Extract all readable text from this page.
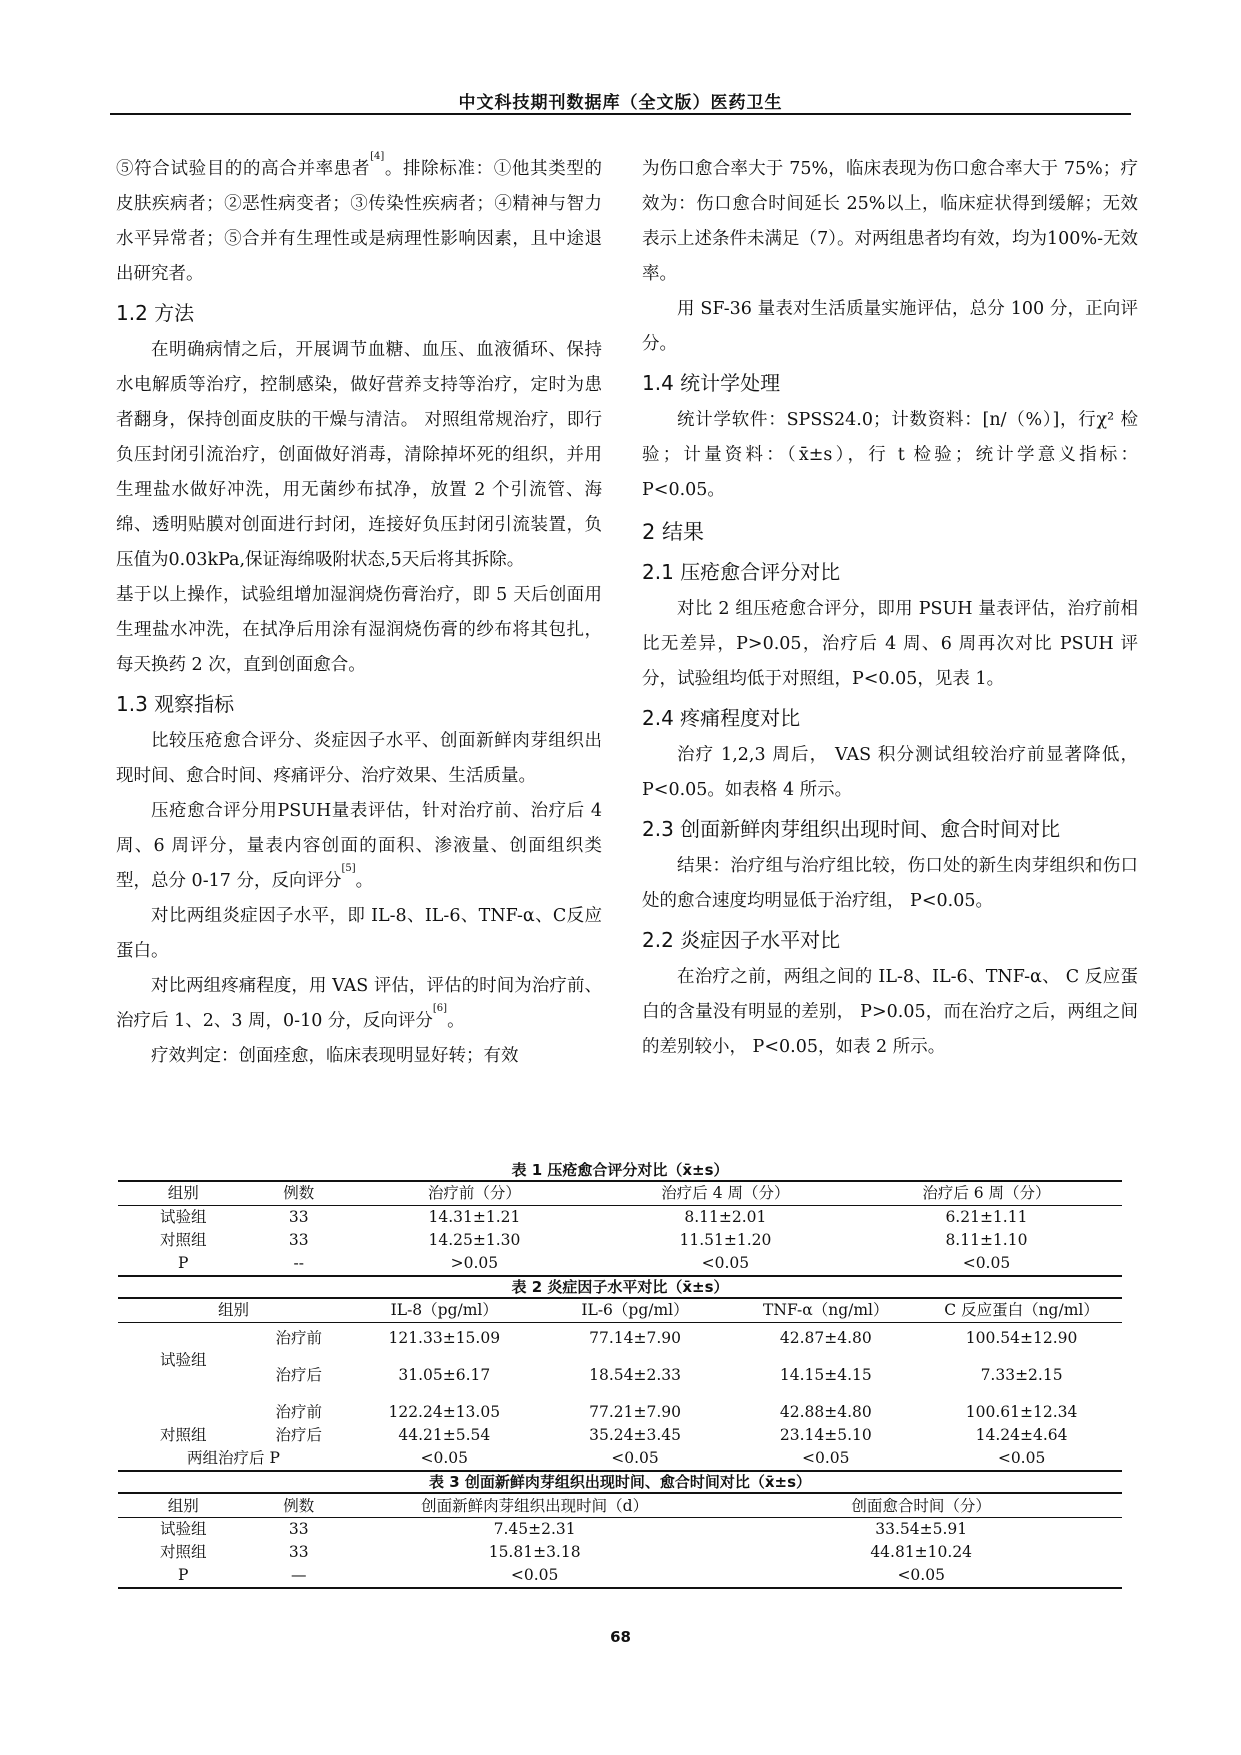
中文科技期刊数据库（全文版）医药卫生

⑤符合试验目的的高合并率患者[4]。排除标准：①他其类型的皮肤疾病者；②恶性病变者；③传染性疾病者；④精神与智力水平异常者；⑤合并有生理性或是病理性影响因素，且中途退出研究者。

1.2 方法

在明确病情之后，开展调节血糖、血压、血液循环、保持水电解质等治疗，控制感染，做好营养支持等治疗，定时为患者翻身，保持创面皮肤的干燥与清洁。 对照组常规治疗，即行负压封闭引流治疗，创面做好消毒，清除掉坏死的组织，并用生理盐水做好冲洗，用无菌纱布拭净，放置 2 个引流管、海绵、透明贴膜对创面进行封闭，连接好负压封闭引流装置，负压值为0.03kPa,保证海绵吸附状态,5天后将其拆除。

基于以上操作，试验组增加湿润烧伤膏治疗，即 5 天后创面用生理盐水冲洗，在拭净后用涂有湿润烧伤膏的纱布将其包扎，每天换药 2 次，直到创面愈合。

1.3 观察指标

比较压疮愈合评分、炎症因子水平、创面新鲜肉芽组织出现时间、愈合时间、疼痛评分、治疗效果、生活质量。

压疮愈合评分用PSUH量表评估，针对治疗前、治疗后 4 周、6 周评分，量表内容创面的面积、渗液量、创面组织类型，总分 0-17 分，反向评分[5]。

对比两组炎症因子水平，即 IL-8、IL-6、TNF-α、C反应蛋白。

对比两组疼痛程度，用 VAS 评估，评估的时间为治疗前、治疗后 1、2、3 周，0-10 分，反向评分[6]。

疗效判定：创面痊愈，临床表现明显好转；有效

为伤口愈合率大于 75%，临床表现为伤口愈合率大于 75%；疗效为：伤口愈合时间延长 25%以上，临床症状得到缓解；无效表示上述条件未满足（7）。对两组患者均有效，均为100%-无效率。

用 SF-36 量表对生活质量实施评估，总分 100 分，正向评分。

1.4 统计学处理

统计学软件：SPSS24.0；计数资料：[n/（%）]，行χ² 检验；计量资料：（x̄±s），行 t 检验；统计学意义指标：P<0.05。

2 结果
2.1 压疮愈合评分对比

对比 2 组压疮愈合评分，即用 PSUH 量表评估，治疗前相比无差异，P>0.05，治疗后 4 周、6 周再次对比 PSUH 评分，试验组均低于对照组，P<0.05，见表 1。

2.4 疼痛程度对比

治疗 1,2,3 周后， VAS 积分测试组较治疗前显著降低， P<0.05。如表格 4 所示。

2.3 创面新鲜肉芽组织出现时间、愈合时间对比

结果：治疗组与治疗组比较，伤口处的新生肉芽组织和伤口处的愈合速度均明显低于治疗组， P<0.05。

2.2 炎症因子水平对比

在治疗之前，两组之间的 IL-8、IL-6、TNF-α、 C 反应蛋白的含量没有明显的差别， P>0.05，而在治疗之后，两组之间的差别较小， P<0.05，如表 2 所示。

表 1 压疮愈合评分对比（x̄±s）
组别	例数	治疗前（分）	治疗后 4 周（分）	治疗后 6 周（分）
试验组	33	14.31±1.21	8.11±2.01	6.21±1.11
对照组	33	14.25±1.30	11.51±1.20	8.11±1.10
P	--	>0.05	<0.05	<0.05
表 2 炎症因子水平对比（x̄±s）
组别		IL-8（pg/ml）	IL-6（pg/ml）	TNF-α（ng/ml）	C 反应蛋白（ng/ml）
试验组	治疗前	121.33±15.09	77.14±7.90	42.87±4.80	100.54±12.90
	治疗后	31.05±6.17	18.54±2.33	14.15±4.15	7.33±2.15
对照组	治疗前	122.24±13.05	77.21±7.90	42.88±4.80	100.61±12.34
	治疗后	44.21±5.54	35.24±3.45	23.14±5.10	14.24±4.64
两组治疗后 P		<0.05	<0.05	<0.05	<0.05
表 3 创面新鲜肉芽组织出现时间、愈合时间对比（x̄±s）
组别	例数	创面新鲜肉芽组织出现时间（d）	创面愈合时间（分）
试验组	33	7.45±2.31	33.54±5.91
对照组	33	15.81±3.18	44.81±10.24
P	—	<0.05	<0.05
68
